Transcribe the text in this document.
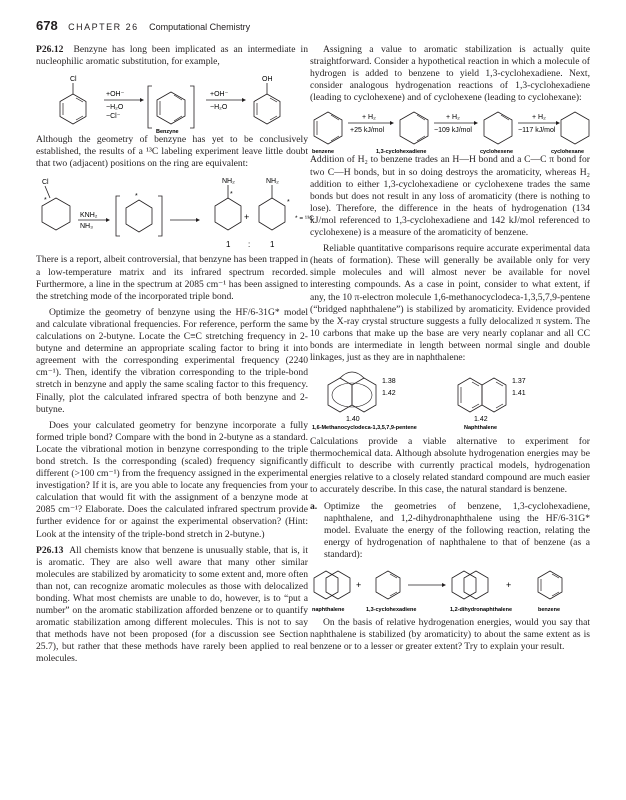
678 CHAPTER 26 Computational Chemistry

P26.12 Benzyne has long been implicated as an intermediate in nucleophilic aromatic substitution, for example,

Cl
+OH⁻
−H₂O
−Cl⁻
Benzyne
+OH⁻
−H₂O
OH

Although the geometry of benzyne has yet to be conclusively established, the results of a ¹³C labeling experiment leave little doubt that two (adjacent) positions on the ring are equivalent:

Cl
*
KNH₂
NH₃
*
NH₂
*
+
NH₂
*
* = ¹³C
1 : 1

There is a report, albeit controversial, that benzyne has been trapped in a low-temperature matrix and its infrared spectrum recorded. Furthermore, a line in the spectrum at 2085 cm⁻¹ has been assigned to the stretching mode of the incorporated triple bond.

Optimize the geometry of benzyne using the HF/6-31G* model and calculate vibrational frequencies. For reference, perform the same calculations on 2-butyne. Locate the C≡C stretching frequency in 2-butyne and determine an appropriate scaling factor to bring it into agreement with the corresponding experimental frequency (2240 cm⁻¹). Then, identify the vibration corresponding to the triple-bond stretch in benzyne and apply the same scaling factor to this frequency. Finally, plot the calculated infrared spectra of both benzyne and 2-butyne.

Does your calculated geometry for benzyne incorporate a fully formed triple bond? Compare with the bond in 2-butyne as a standard. Locate the vibrational motion in benzyne corresponding to the triple bond stretch. Is the corresponding (scaled) frequency significantly different (>100 cm⁻¹) from the frequency assigned in the experimental investigation? If it is, are you able to locate any frequencies from your calculation that would fit with the assignment of a benzyne mode at 2085 cm⁻¹? Elaborate. Does the calculated infrared spectrum provide further evidence for or against the experimental observation? (Hint: Look at the intensity of the triple-bond stretch in 2-butyne.)

P26.13 All chemists know that benzene is unusually stable, that is, it is aromatic. They are also well aware that many other similar molecules are stabilized by aromaticity to some extent and, more often than not, can recognize aromatic molecules as those with delocalized bonding. What most chemists are unable to do, however, is to “put a number” on the aromatic stabilization afforded benzene or to quantify aromatic stabilization among different molecules. This is not to say that methods have not been proposed (for a discussion see Section 25.7), but rather that these methods have rarely been applied to real molecules.

Assigning a value to aromatic stabilization is actually quite straightforward. Consider a hypothetical reaction in which a molecule of hydrogen is added to benzene to yield 1,3-cyclohexadiene. Next, consider analogous hydrogenation reactions of 1,3-cyclohexadiene (leading to cyclohexene) and of cyclohexene (leading to cyclohexane):

+ H₂
+25 kJ/mol
+ H₂
−109 kJ/mol
+ H₂
−117 kJ/mol
benzene	1,3-cyclohexadiene	cyclohexene	cyclohexane

Addition of H₂ to benzene trades an H—H bond and a C—C π bond for two C—H bonds, but in so doing destroys the aromaticity, whereas H₂ addition to either 1,3-cyclohexadiene or cyclohexene trades the same bonds but does not result in any loss of aromaticity (there is nothing to lose). Therefore, the difference in the heats of hydrogenation (134 kJ/mol referenced to 1,3-cyclohexadiene and 142 kJ/mol referenced to cyclohexene) is a measure of the aromaticity of benzene.

Reliable quantitative comparisons require accurate experimental data (heats of formation). These will generally be available only for very simple molecules and will almost never be available for novel interesting compounds. As a case in point, consider to what extent, if any, the 10 π-electron molecule 1,6-methanocyclodeca-1,3,5,7,9-pentene (“bridged naphthalene”) is stabilized by aromaticity. Evidence provided by the X-ray crystal structure suggests a fully delocalized π system. The 10 carbons that make up the base are very nearly coplanar and all CC bonds are intermediate in length between normal single and double linkages, just as they are in naphthalene:

1.38
1.42
1.40
1.37
1.41
1.42
1,6-Methanocyclodeca-1,3,5,7,9-pentene	Naphthalene

Calculations provide a viable alternative to experiment for thermochemical data. Although absolute hydrogenation energies may be difficult to describe with currently practical models, hydrogenation energies relative to a closely related standard compound are much easier to accurately describe. In this case, the natural standard is benzene.

a. Optimize the geometries of benzene, 1,3-cyclohexadiene, naphthalene, and 1,2-dihydronaphthalene using the HF/6-31G* model. Evaluate the energy of the following reaction, relating the energy of hydrogenation of naphthalene to that of benzene (as a standard):
+	+
naphthalene	1,3-cyclohexadiene	1,2-dihydronaphthalene	benzene

On the basis of relative hydrogenation energies, would you say that naphthalene is stabilized (by aromaticity) to about the same extent as is benzene or to a lesser or greater extent? Try to explain your result.
